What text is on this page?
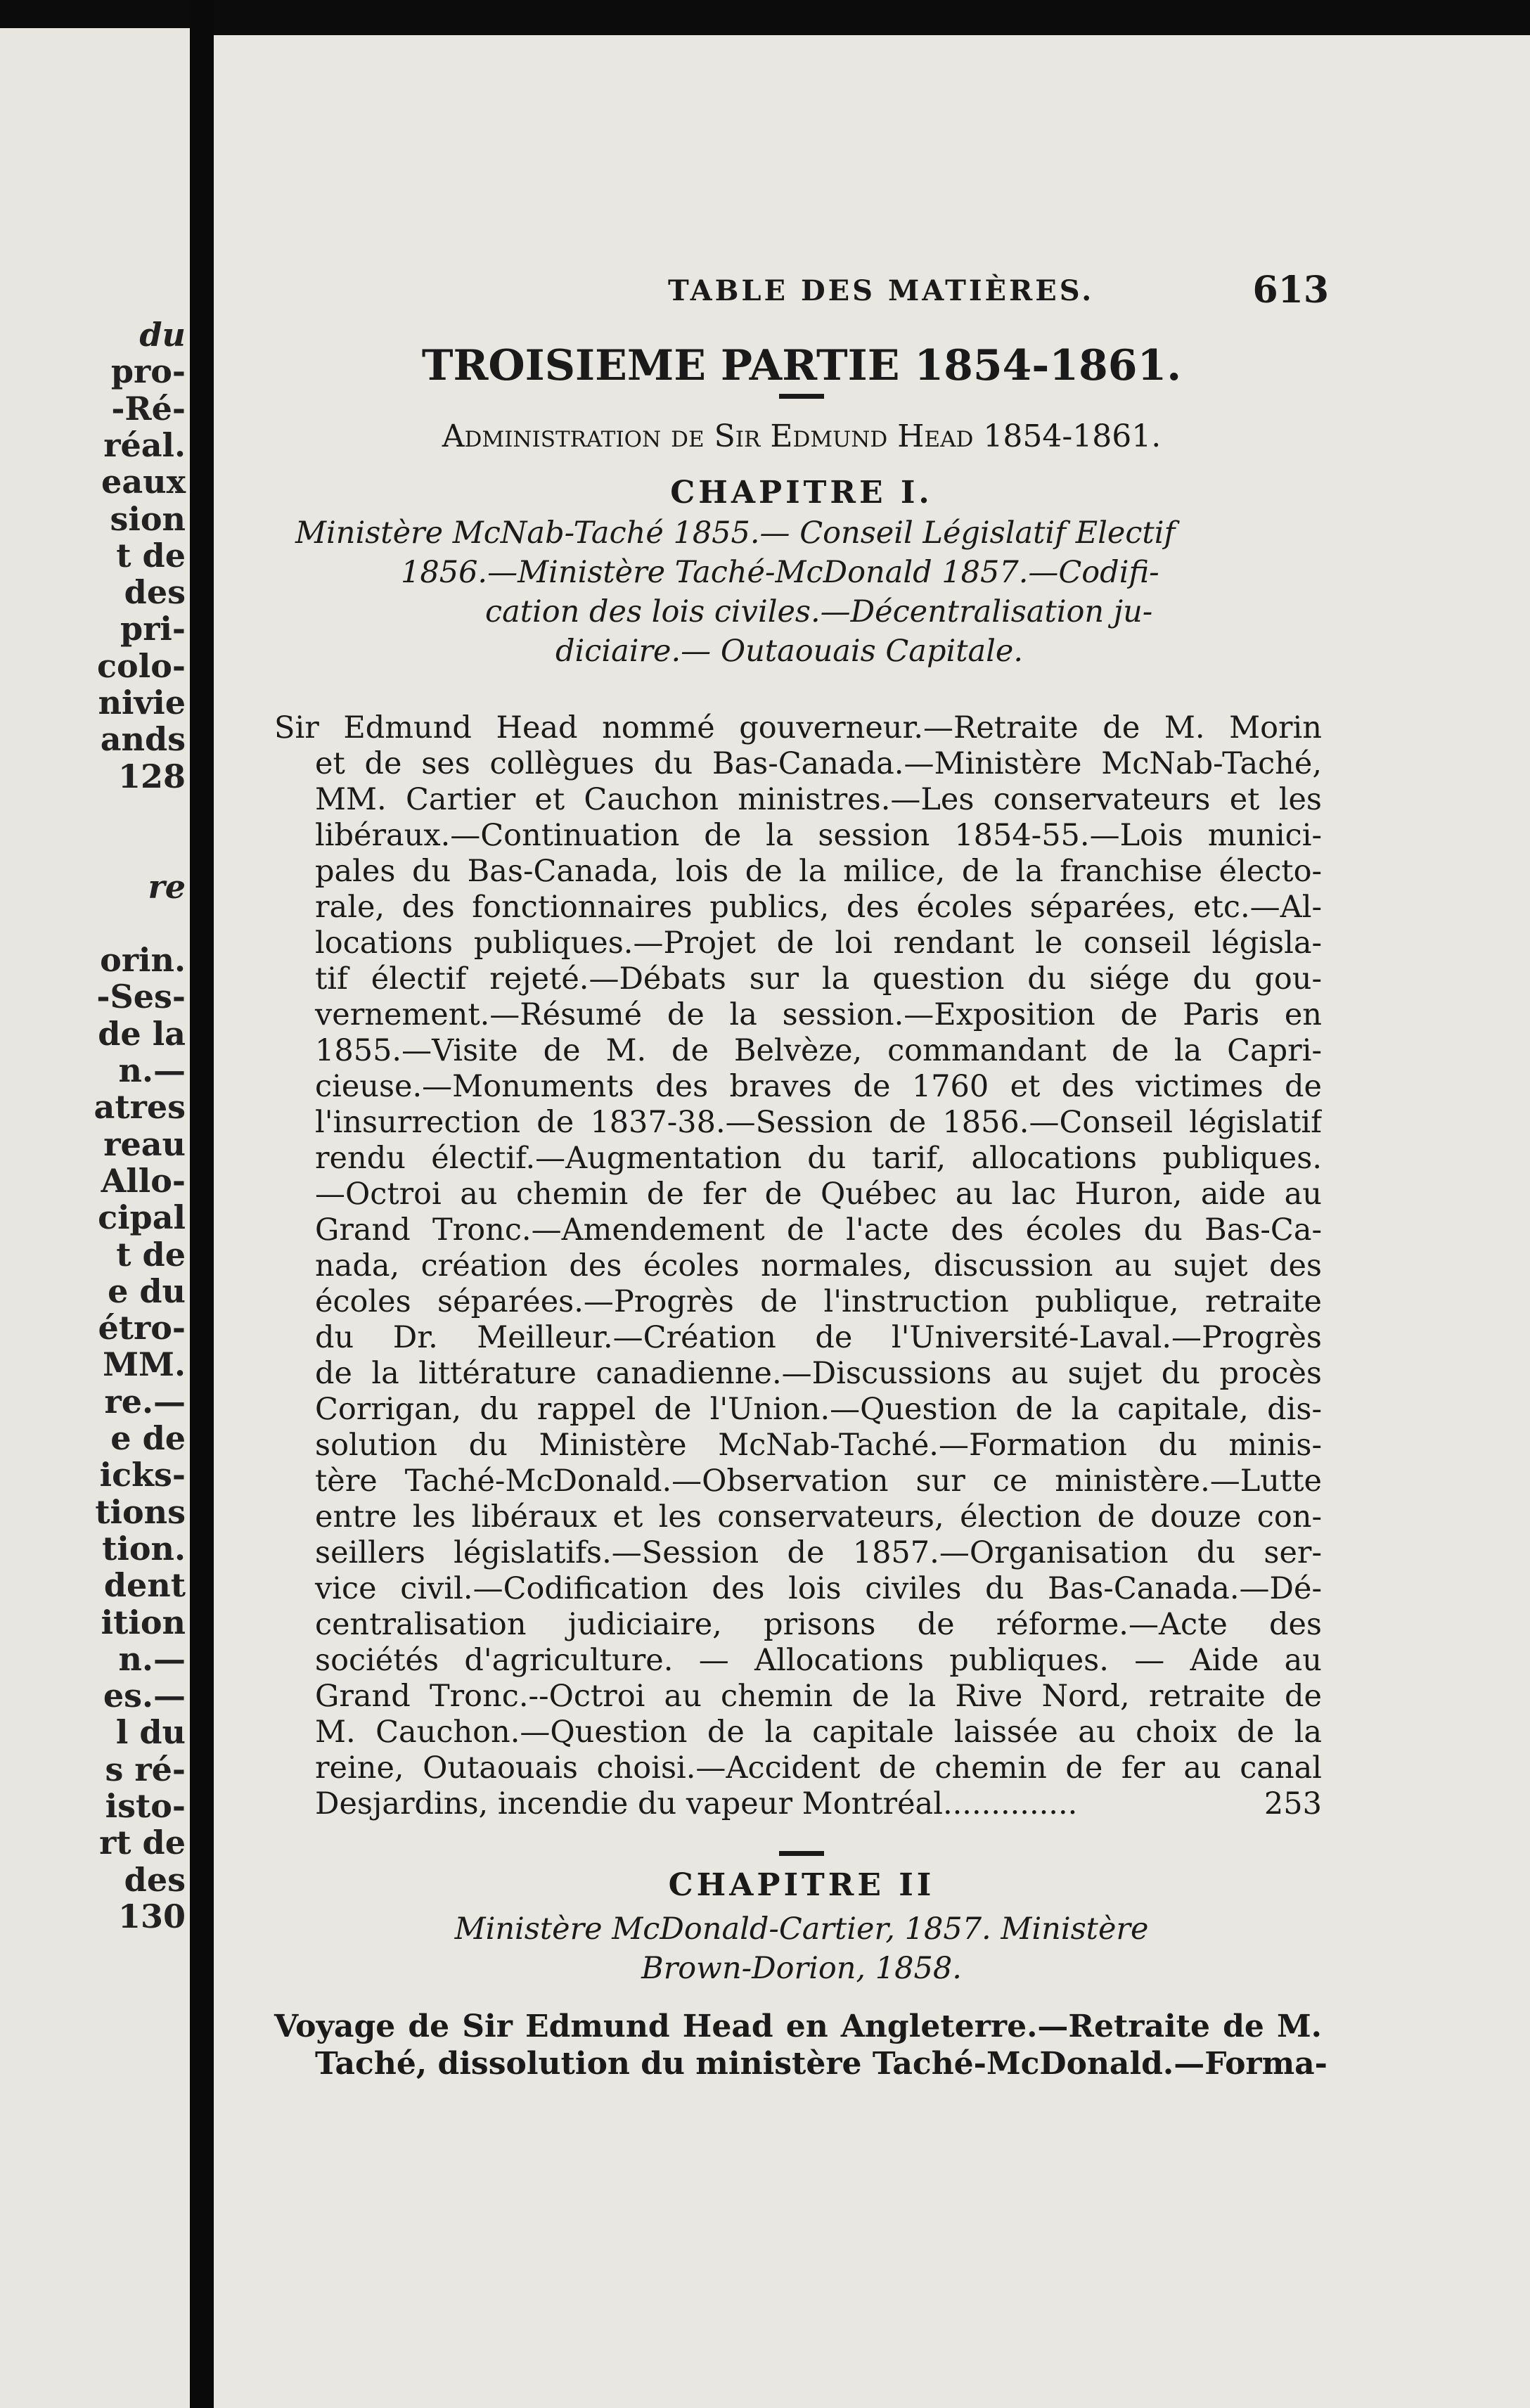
du
pro-
-Ré-
réal.
eaux
sion
t de
des
pri-
colo-
nivie
ands
128
re
orin.
-Ses-
de la
n.—
atres
reau
Allo-
cipal
t de
e du
étro-
MM.
re.—
e de
icks-
tions
tion.
dent
ition
n.—
es.—
l du
s ré-
isto-
rt de
des
130
TABLE DES MATIÈRES.	613
TROISIEME PARTIE 1854-1861.
Administration de Sir Edmund Head 1854-1861.
CHAPITRE I.
Ministère McNab-Taché 1855.— Conseil Législatif Electif
1856.—Ministère Taché-McDonald 1857.—Codifi-
cation des lois civiles.—Décentralisation ju-
diciaire.— Outaouais Capitale.
Sir Edmund Head nommé gouverneur.—Retraite de M. Morin
et de ses collègues du Bas-Canada.—Ministère McNab-Taché,
MM. Cartier et Cauchon ministres.—Les conservateurs et les
libéraux.—Continuation de la session 1854-55.—Lois munici-
pales du Bas-Canada, lois de la milice, de la franchise électo-
rale, des fonctionnaires publics, des écoles séparées, etc.—Al-
locations publiques.—Projet de loi rendant le conseil législa-
tif électif rejeté.—Débats sur la question du siége du gou-
vernement.—Résumé de la session.—Exposition de Paris en
1855.—Visite de M. de Belvèze, commandant de la Capri-
cieuse.—Monuments des braves de 1760 et des victimes de
l'insurrection de 1837-38.—Session de 1856.—Conseil législatif
rendu électif.—Augmentation du tarif, allocations publiques.
—Octroi au chemin de fer de Québec au lac Huron, aide au
Grand Tronc.—Amendement de l'acte des écoles du Bas-Ca-
nada, création des écoles normales, discussion au sujet des
écoles séparées.—Progrès de l'instruction publique, retraite
du Dr. Meilleur.—Création de l'Université-Laval.—Progrès
de la littérature canadienne.—Discussions au sujet du procès
Corrigan, du rappel de l'Union.—Question de la capitale, dis-
solution du Ministère McNab-Taché.—Formation du minis-
tère Taché-McDonald.—Observation sur ce ministère.—Lutte
entre les libéraux et les conservateurs, élection de douze con-
seillers législatifs.—Session de 1857.—Organisation du ser-
vice civil.—Codification des lois civiles du Bas-Canada.—Dé-
centralisation judiciaire, prisons de réforme.—Acte des
sociétés d'agriculture. — Allocations publiques. — Aide au
Grand Tronc.--Octroi au chemin de la Rive Nord, retraite de
M. Cauchon.—Question de la capitale laissée au choix de la
reine, Outaouais choisi.—Accident de chemin de fer au canal
Desjardins, incendie du vapeur Montréal..............	253
CHAPITRE II
Ministère McDonald-Cartier, 1857. Ministère
Brown-Dorion, 1858.
Voyage de Sir Edmund Head en Angleterre.—Retraite de M.
Taché, dissolution du ministère Taché-McDonald.—Forma-
